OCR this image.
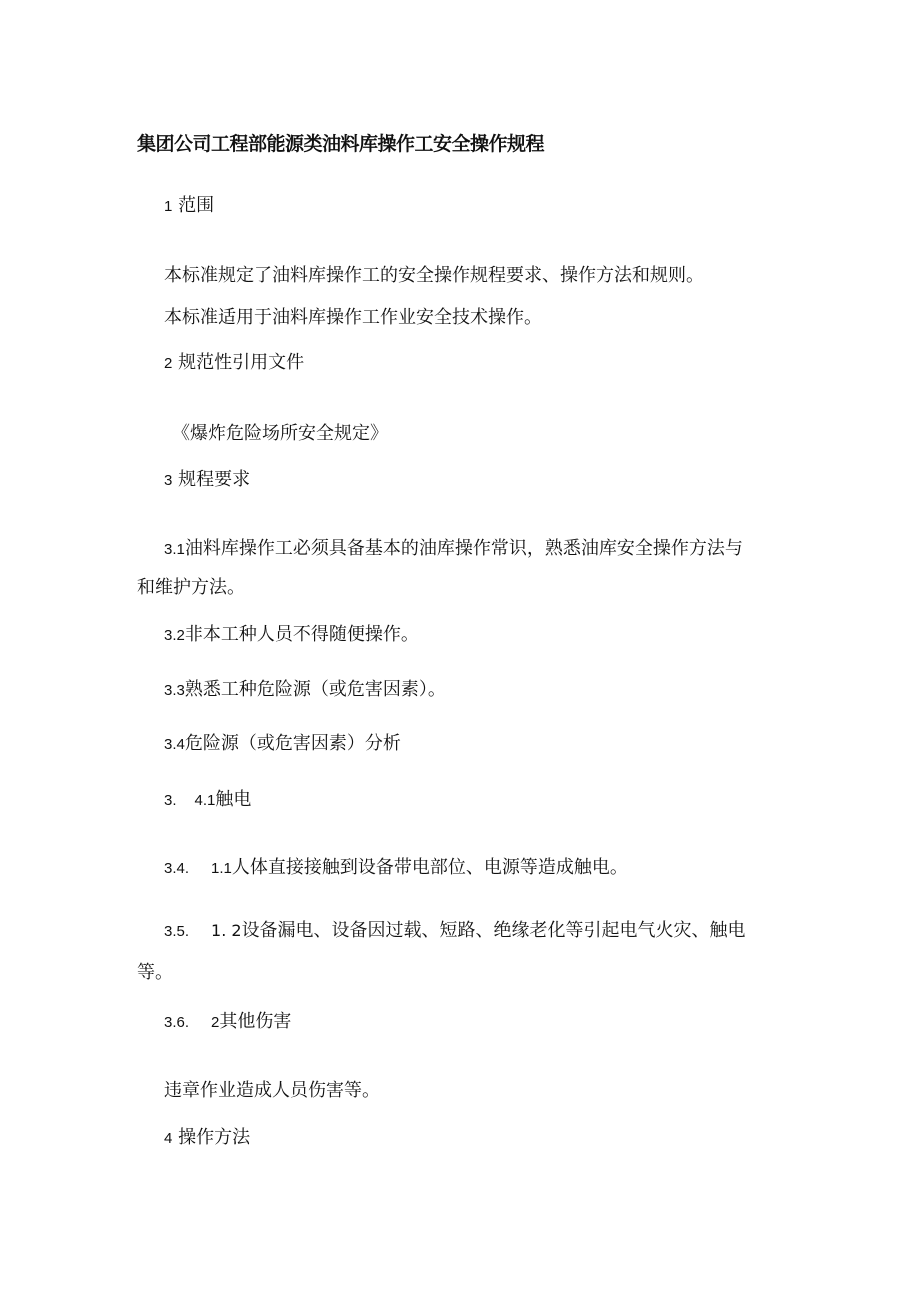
集团公司工程部能源类油料库操作工安全操作规程
1 范围
本标准规定了油料库操作工的安全操作规程要求、操作方法和规则。
本标准适用于油料库操作工作业安全技术操作。
2 规范性引用文件
《爆炸危险场所安全规定》
3 规程要求
3.1油料库操作工必须具备基本的油库操作常识，熟悉油库安全操作方法与
和维护方法。
3.2非本工种人员不得随便操作。
3.3熟悉工种危险源（或危害因素）。
3.4危险源（或危害因素）分析
3. 4.1触电
3.4. 1.1人体直接接触到设备带电部位、电源等造成触电。
3.5. 1. 2设备漏电、设备因过载、短路、绝缘老化等引起电气火灾、触电
等。
3.6. 2其他伤害
违章作业造成人员伤害等。
4 操作方法
